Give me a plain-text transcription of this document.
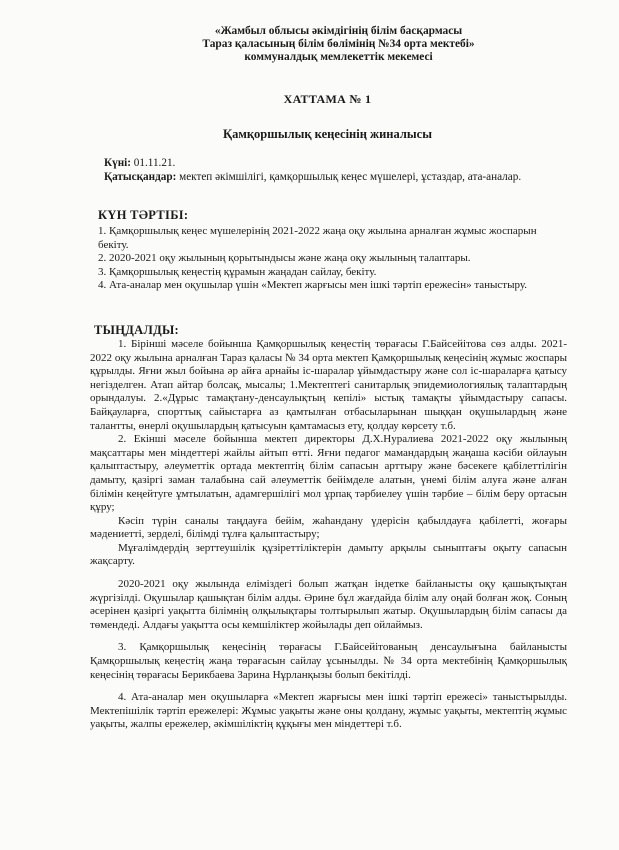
«Жамбыл облысы әкімдігінің білім басқармасы
Тараз қаласының білім бөлімінің №34 орта мектебі»
коммуналдық мемлекеттік мекемесі
ХАТТАМА № 1
Қамқоршылық кеңесінің жиналысы
Күні: 01.11.21.
Қатысқандар: мектеп әкімшілігі, қамқоршылық кеңес мүшелері, ұстаздар, ата-аналар.
КҮН ТӘРТІБІ:

1. Қамқоршылық кеңес мүшелерінің 2021-2022 жаңа оқу жылына арналған жұмыс жоспарын бекіту.

2. 2020-2021 оқу жылының қорытындысы және жаңа оқу жылының талаптары.

3. Қамқоршылық кеңестің құрамын жаңадан сайлау, бекіту.

4. Ата-аналар мен оқушылар үшін «Мектеп жарғысы мен ішкі тәртіп ережесін» таныстыру.

ТЫҢДАЛДЫ:

1. Бірінші мәселе бойынша Қамқоршылық кеңестің төрағасы Г.Байсейітова сөз алды. 2021-2022 оқу жылына арналған Тараз қаласы № 34 орта мектеп Қамқоршылық кеңесінің жұмыс жоспары құрылды. Яғни жыл бойына әр айға арнайы іс-шаралар ұйымдастыру және сол іс-шараларға қатысу негізделген. Атап айтар болсақ, мысалы; 1.Мектептегі санитарлық эпидемиологиялық талаптардың орындалуы. 2.«Дұрыс тамақтану-денсаулықтың кепілі» ыстық тамақты ұйымдастыру сапасы. Байқауларға, спорттық сайыстарға аз қамтылған отбасыларынан шыққан оқушылардың және талантты, өнерлі оқушылардың қатысуын қамтамасыз ету, қолдау көрсету т.б.

2. Екінші мәселе бойынша мектеп директоры Д.Х.Нуралиева 2021-2022 оқу жылының мақсаттары мен міндеттері жайлы айтып өтті. Яғни педагог мамандардың жаңаша кәсіби ойлауын қалыптастыру, әлеуметтік ортада мектептің білім сапасын арттыру және бәсекеге қабілеттілігін дамыту, қазіргі заман талабына сай әлеуметтік бейімделе алатын, үнемі білім алуға және алған білімін кеңейтуге ұмтылатын, адамгершілігі мол ұрпақ тәрбиелеу үшін тәрбие – білім беру ортасын құру;

Кәсіп түрін саналы таңдауға бейім, жаһандану үдерісін қабылдауға қабілетті, жоғары мәдениетті, зерделі, білімді тұлға қалыптастыру;

Мұғалімдердің зерттеушілік құзіреттіліктерін дамыту арқылы сыныптағы оқыту сапасын жақсарту.

2020-2021 оқу жылында еліміздегі болып жатқан індетке байланысты оқу қашықтықтан жүргізілді. Оқушылар қашықтан білім алды. Әрине бұл жағдайда білім алу оңай болған жоқ. Соның әсерінен қазіргі уақытта білімнің олқылықтары толтырылып жатыр. Оқушылардың білім сапасы да төмендеді. Алдағы уақытта осы кемшіліктер жойылады деп ойлаймыз.

3. Қамқоршылық кеңесінің төрағасы Г.Байсейітованың денсаулығына байланысты Қамқоршылық кеңестің жаңа төрағасын сайлау ұсынылды. № 34 орта мектебінің Қамқоршылық кеңесінің төрағасы Берикбаева Зарина Нұрланқызы болып бекітілді.

4. Ата-аналар мен оқушыларға «Мектеп жарғысы мен ішкі тәртіп ережесі» таныстырылды. Мектепішілік тәртіп ережелері: Жұмыс уақыты және оны қолдану, жұмыс уақыты, мектептің жұмыс уақыты, жалпы ережелер, әкімшіліктің құқығы мен міндеттері т.б.
